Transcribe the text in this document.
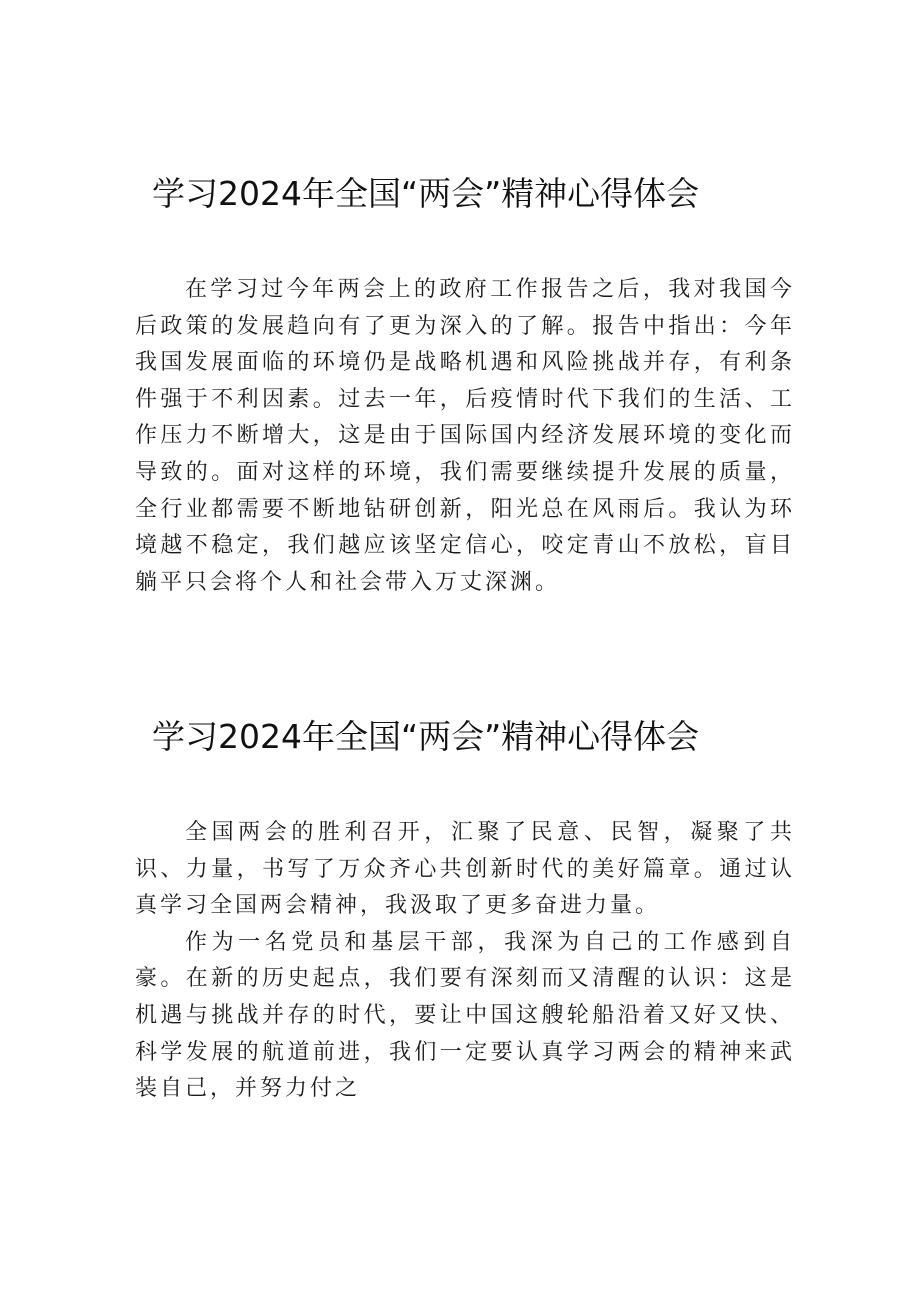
学习2024年全国“两会”精神心得体会

在学习过今年两会上的政府工作报告之后，我对我国今后政策的发展趋向有了更为深入的了解。报告中指出：今年我国发展面临的环境仍是战略机遇和风险挑战并存，有利条件强于不利因素。过去一年，后疫情时代下我们的生活、工作压力不断增大，这是由于国际国内经济发展环境的变化而导致的。面对这样的环境，我们需要继续提升发展的质量，全行业都需要不断地钻研创新，阳光总在风雨后。我认为环境越不稳定，我们越应该坚定信心，咬定青山不放松，盲目躺平只会将个人和社会带入万丈深渊。

学习2024年全国“两会”精神心得体会

全国两会的胜利召开，汇聚了民意、民智，凝聚了共识、力量，书写了万众齐心共创新时代的美好篇章。通过认真学习全国两会精神，我汲取了更多奋进力量。

作为一名党员和基层干部，我深为自己的工作感到自豪。在新的历史起点，我们要有深刻而又清醒的认识：这是机遇与挑战并存的时代，要让中国这艘轮船沿着又好又快、科学发展的航道前进，我们一定要认真学习两会的精神来武装自己，并努力付之
